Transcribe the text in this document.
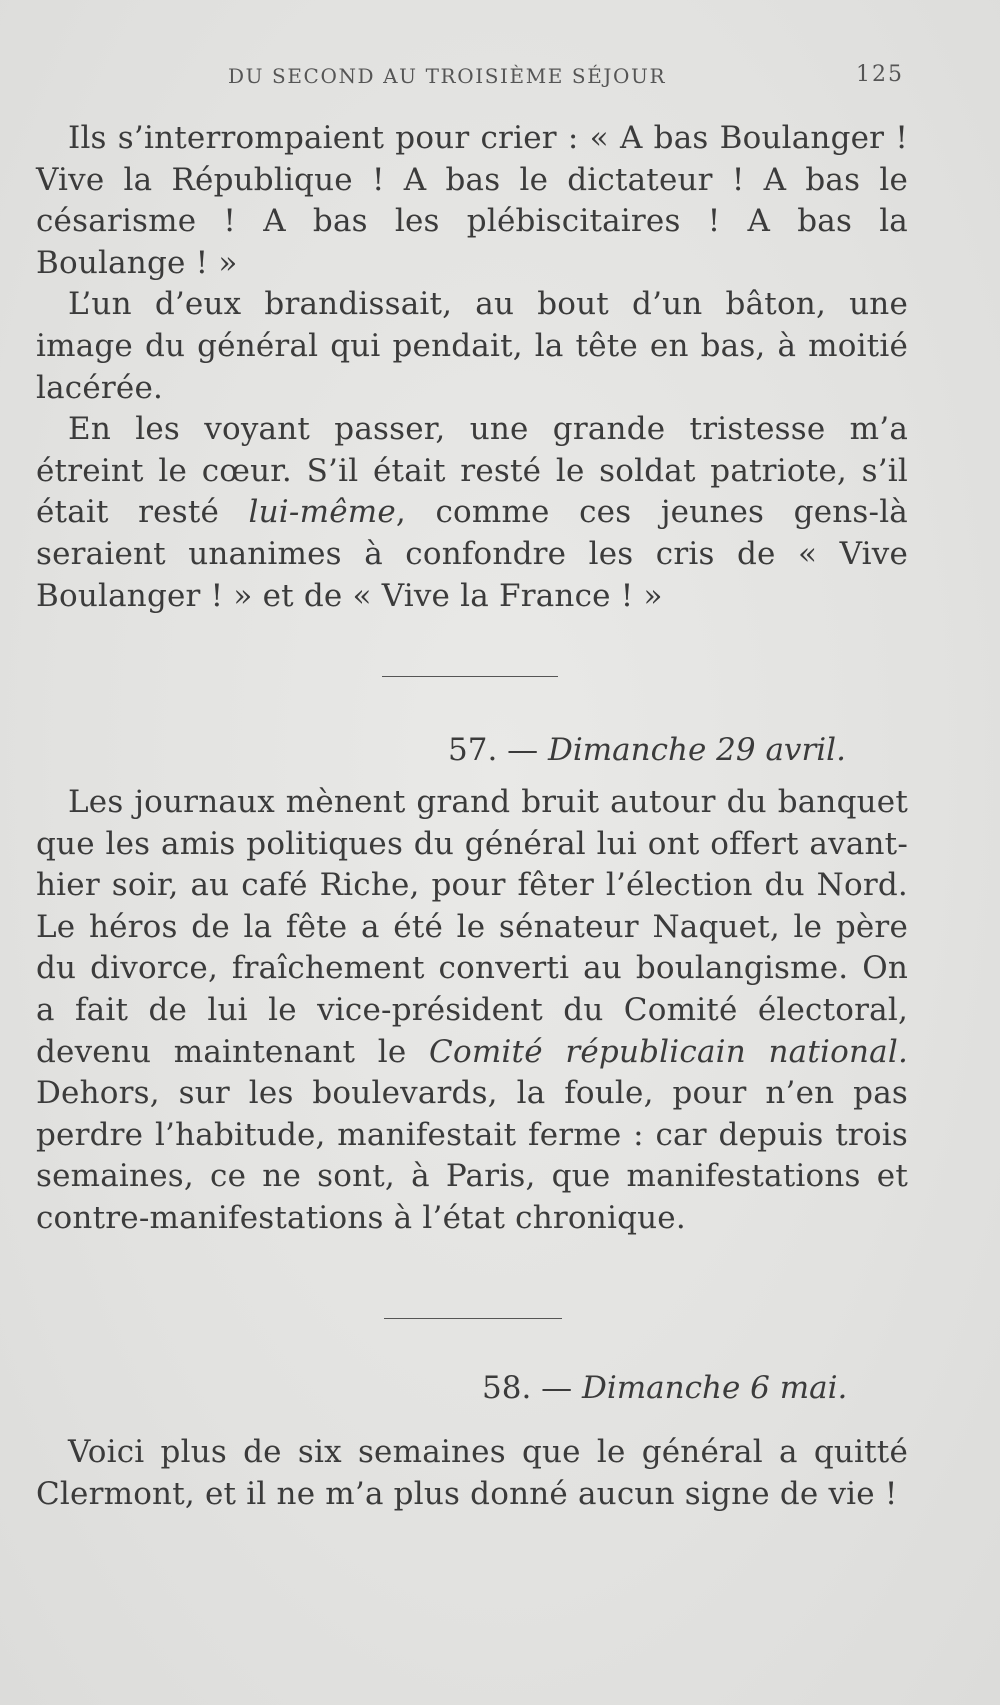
DU SECOND AU TROISIÈME SÉJOUR	125

Ils s’interrompaient pour crier : « A bas Boulanger ! Vive la République ! A bas le dictateur ! A bas le césarisme ! A bas les plébiscitaires ! A bas la Boulange ! »

L’un d’eux brandissait, au bout d’un bâton, une image du général qui pendait, la tête en bas, à moitié lacérée.

En les voyant passer, une grande tristesse m’a étreint le cœur. S’il était resté le soldat patriote, s’il était resté lui-même, comme ces jeunes gens-là seraient unanimes à confondre les cris de « Vive Boulanger ! » et de « Vive la France ! »

57. — Dimanche 29 avril.

Les journaux mènent grand bruit autour du banquet que les amis politiques du général lui ont offert avant-hier soir, au café Riche, pour fêter l’élection du Nord. Le héros de la fête a été le sénateur Naquet, le père du divorce, fraîchement converti au boulangisme. On a fait de lui le vice-président du Comité électoral, devenu maintenant le Comité républicain national. Dehors, sur les boulevards, la foule, pour n’en pas perdre l’habitude, manifestait ferme : car depuis trois semaines, ce ne sont, à Paris, que manifestations et contre-manifestations à l’état chronique.

58. — Dimanche 6 mai.

Voici plus de six semaines que le général a quitté Clermont, et il ne m’a plus donné aucun signe de vie !
